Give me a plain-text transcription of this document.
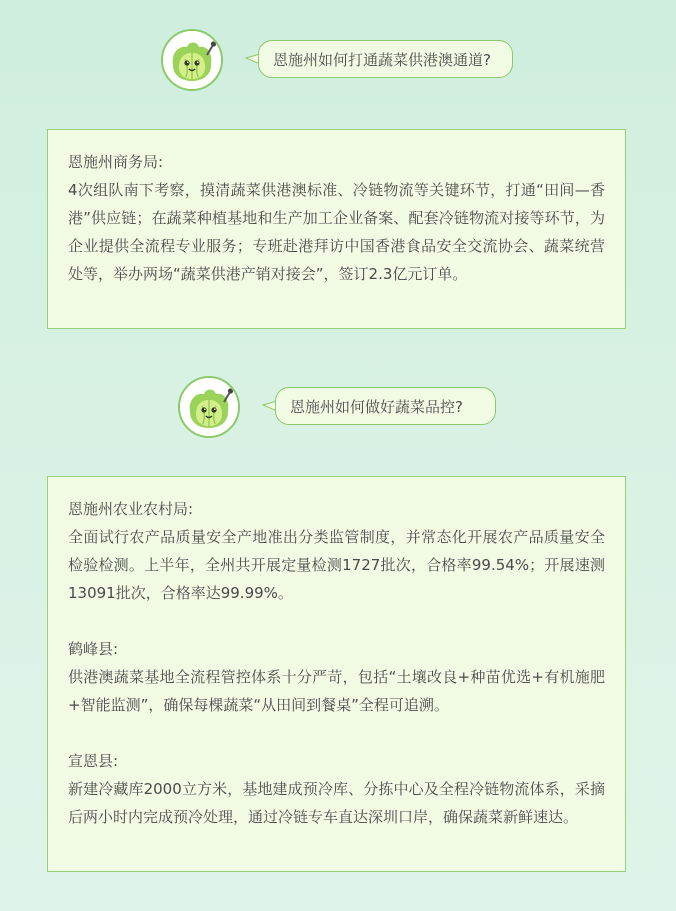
恩施州如何打通蔬菜供港澳通道?

恩施州商务局:

4次组队南下考察，摸清蔬菜供港澳标准、冷链物流等关键环节，打通“田间—香港”供应链；在蔬菜种植基地和生产加工企业备案、配套冷链物流对接等环节，为企业提供全流程专业服务；专班赴港拜访中国香港食品安全交流协会、蔬菜统营处等，举办两场“蔬菜供港产销对接会”，签订2.3亿元订单。

恩施州如何做好蔬菜品控?

恩施州农业农村局:

全面试行农产品质量安全产地准出分类监管制度，并常态化开展农产品质量安全检验检测。上半年，全州共开展定量检测1727批次，合格率99.54%；开展速测13091批次，合格率达99.99%。

鹤峰县:

供港澳蔬菜基地全流程管控体系十分严苛，包括“土壤改良+种苗优选+有机施肥+智能监测”，确保每棵蔬菜“从田间到餐桌”全程可追溯。

宣恩县:

新建冷藏库2000立方米，基地建成预冷库、分拣中心及全程冷链物流体系，采摘后两小时内完成预冷处理，通过冷链专车直达深圳口岸，确保蔬菜新鲜速达。
